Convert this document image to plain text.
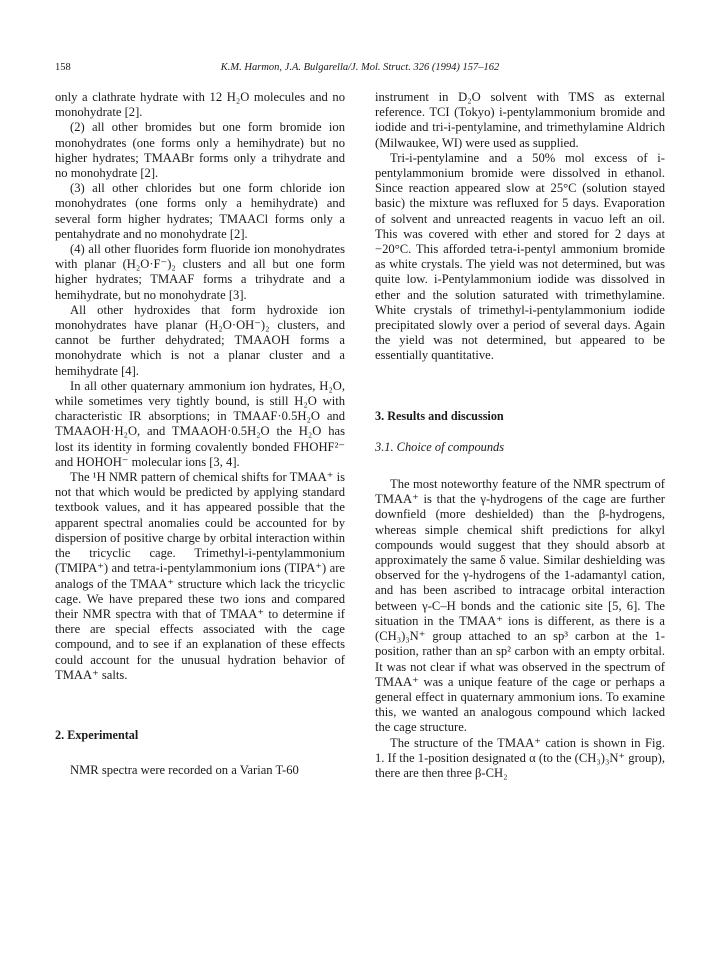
158	K.M. Harmon, J.A. Bulgarella/J. Mol. Struct. 326 (1994) 157–162

only a clathrate hydrate with 12 H₂O molecules and no monohydrate [2].

(2) all other bromides but one form bromide ion monohydrates (one forms only a hemihydrate) but no higher hydrates; TMAABr forms only a trihydrate and no monohydrate [2].

(3) all other chlorides but one form chloride ion monohydrates (one forms only a hemihydrate) and several form higher hydrates; TMAACl forms only a pentahydrate and no monohydrate [2].

(4) all other fluorides form fluoride ion monohydrates with planar (H₂O·F⁻)₂ clusters and all but one form higher hydrates; TMAAF forms a trihydrate and a hemihydrate, but no monohydrate [3].

All other hydroxides that form hydroxide ion monohydrates have planar (H₂O·OH⁻)₂ clusters, and cannot be further dehydrated; TMAAOH forms a monohydrate which is not a planar cluster and a hemihydrate [4].

In all other quaternary ammonium ion hydrates, H₂O, while sometimes very tightly bound, is still H₂O with characteristic IR absorptions; in TMAAF·0.5H₂O and TMAAOH·H₂O, and TMAAOH·0.5H₂O the H₂O has lost its identity in forming covalently bonded FHOHF²⁻ and HOHOH⁻ molecular ions [3, 4].

The ¹H NMR pattern of chemical shifts for TMAA⁺ is not that which would be predicted by applying standard textbook values, and it has appeared possible that the apparent spectral anomalies could be accounted for by dispersion of positive charge by orbital interaction within the tricyclic cage. Trimethyl-i-pentylammonium (TMIPA⁺) and tetra-i-pentylammonium ions (TIPA⁺) are analogs of the TMAA⁺ structure which lack the tricyclic cage. We have prepared these two ions and compared their NMR spectra with that of TMAA⁺ to determine if there are special effects associated with the cage compound, and to see if an explanation of these effects could account for the unusual hydration behavior of TMAA⁺ salts.

2. Experimental

NMR spectra were recorded on a Varian T-60

instrument in D₂O solvent with TMS as external reference. TCI (Tokyo) i-pentylammonium bromide and iodide and tri-i-pentylamine, and trimethylamine Aldrich (Milwaukee, WI) were used as supplied.

Tri-i-pentylamine and a 50% mol excess of i-pentylammonium bromide were dissolved in ethanol. Since reaction appeared slow at 25°C (solution stayed basic) the mixture was refluxed for 5 days. Evaporation of solvent and unreacted reagents in vacuo left an oil. This was covered with ether and stored for 2 days at −20°C. This afforded tetra-i-pentyl ammonium bromide as white crystals. The yield was not determined, but was quite low. i-Pentylammonium iodide was dissolved in ether and the solution saturated with trimethylamine. White crystals of trimethyl-i-pentylammonium iodide precipitated slowly over a period of several days. Again the yield was not determined, but appeared to be essentially quantitative.

3. Results and discussion
3.1. Choice of compounds

The most noteworthy feature of the NMR spectrum of TMAA⁺ is that the γ-hydrogens of the cage are further downfield (more deshielded) than the β-hydrogens, whereas simple chemical shift predictions for alkyl compounds would suggest that they should absorb at approximately the same δ value. Similar deshielding was observed for the γ-hydrogens of the 1-adamantyl cation, and has been ascribed to intracage orbital interaction between γ-C–H bonds and the cationic site [5, 6]. The situation in the TMAA⁺ ions is different, as there is a (CH₃)₃N⁺ group attached to an sp³ carbon at the 1-position, rather than an sp² carbon with an empty orbital. It was not clear if what was observed in the spectrum of TMAA⁺ was a unique feature of the cage or perhaps a general effect in quaternary ammonium ions. To examine this, we wanted an analogous compound which lacked the cage structure.

The structure of the TMAA⁺ cation is shown in Fig. 1. If the 1-position designated α (to the (CH₃)₃N⁺ group), there are then three β-CH₂
